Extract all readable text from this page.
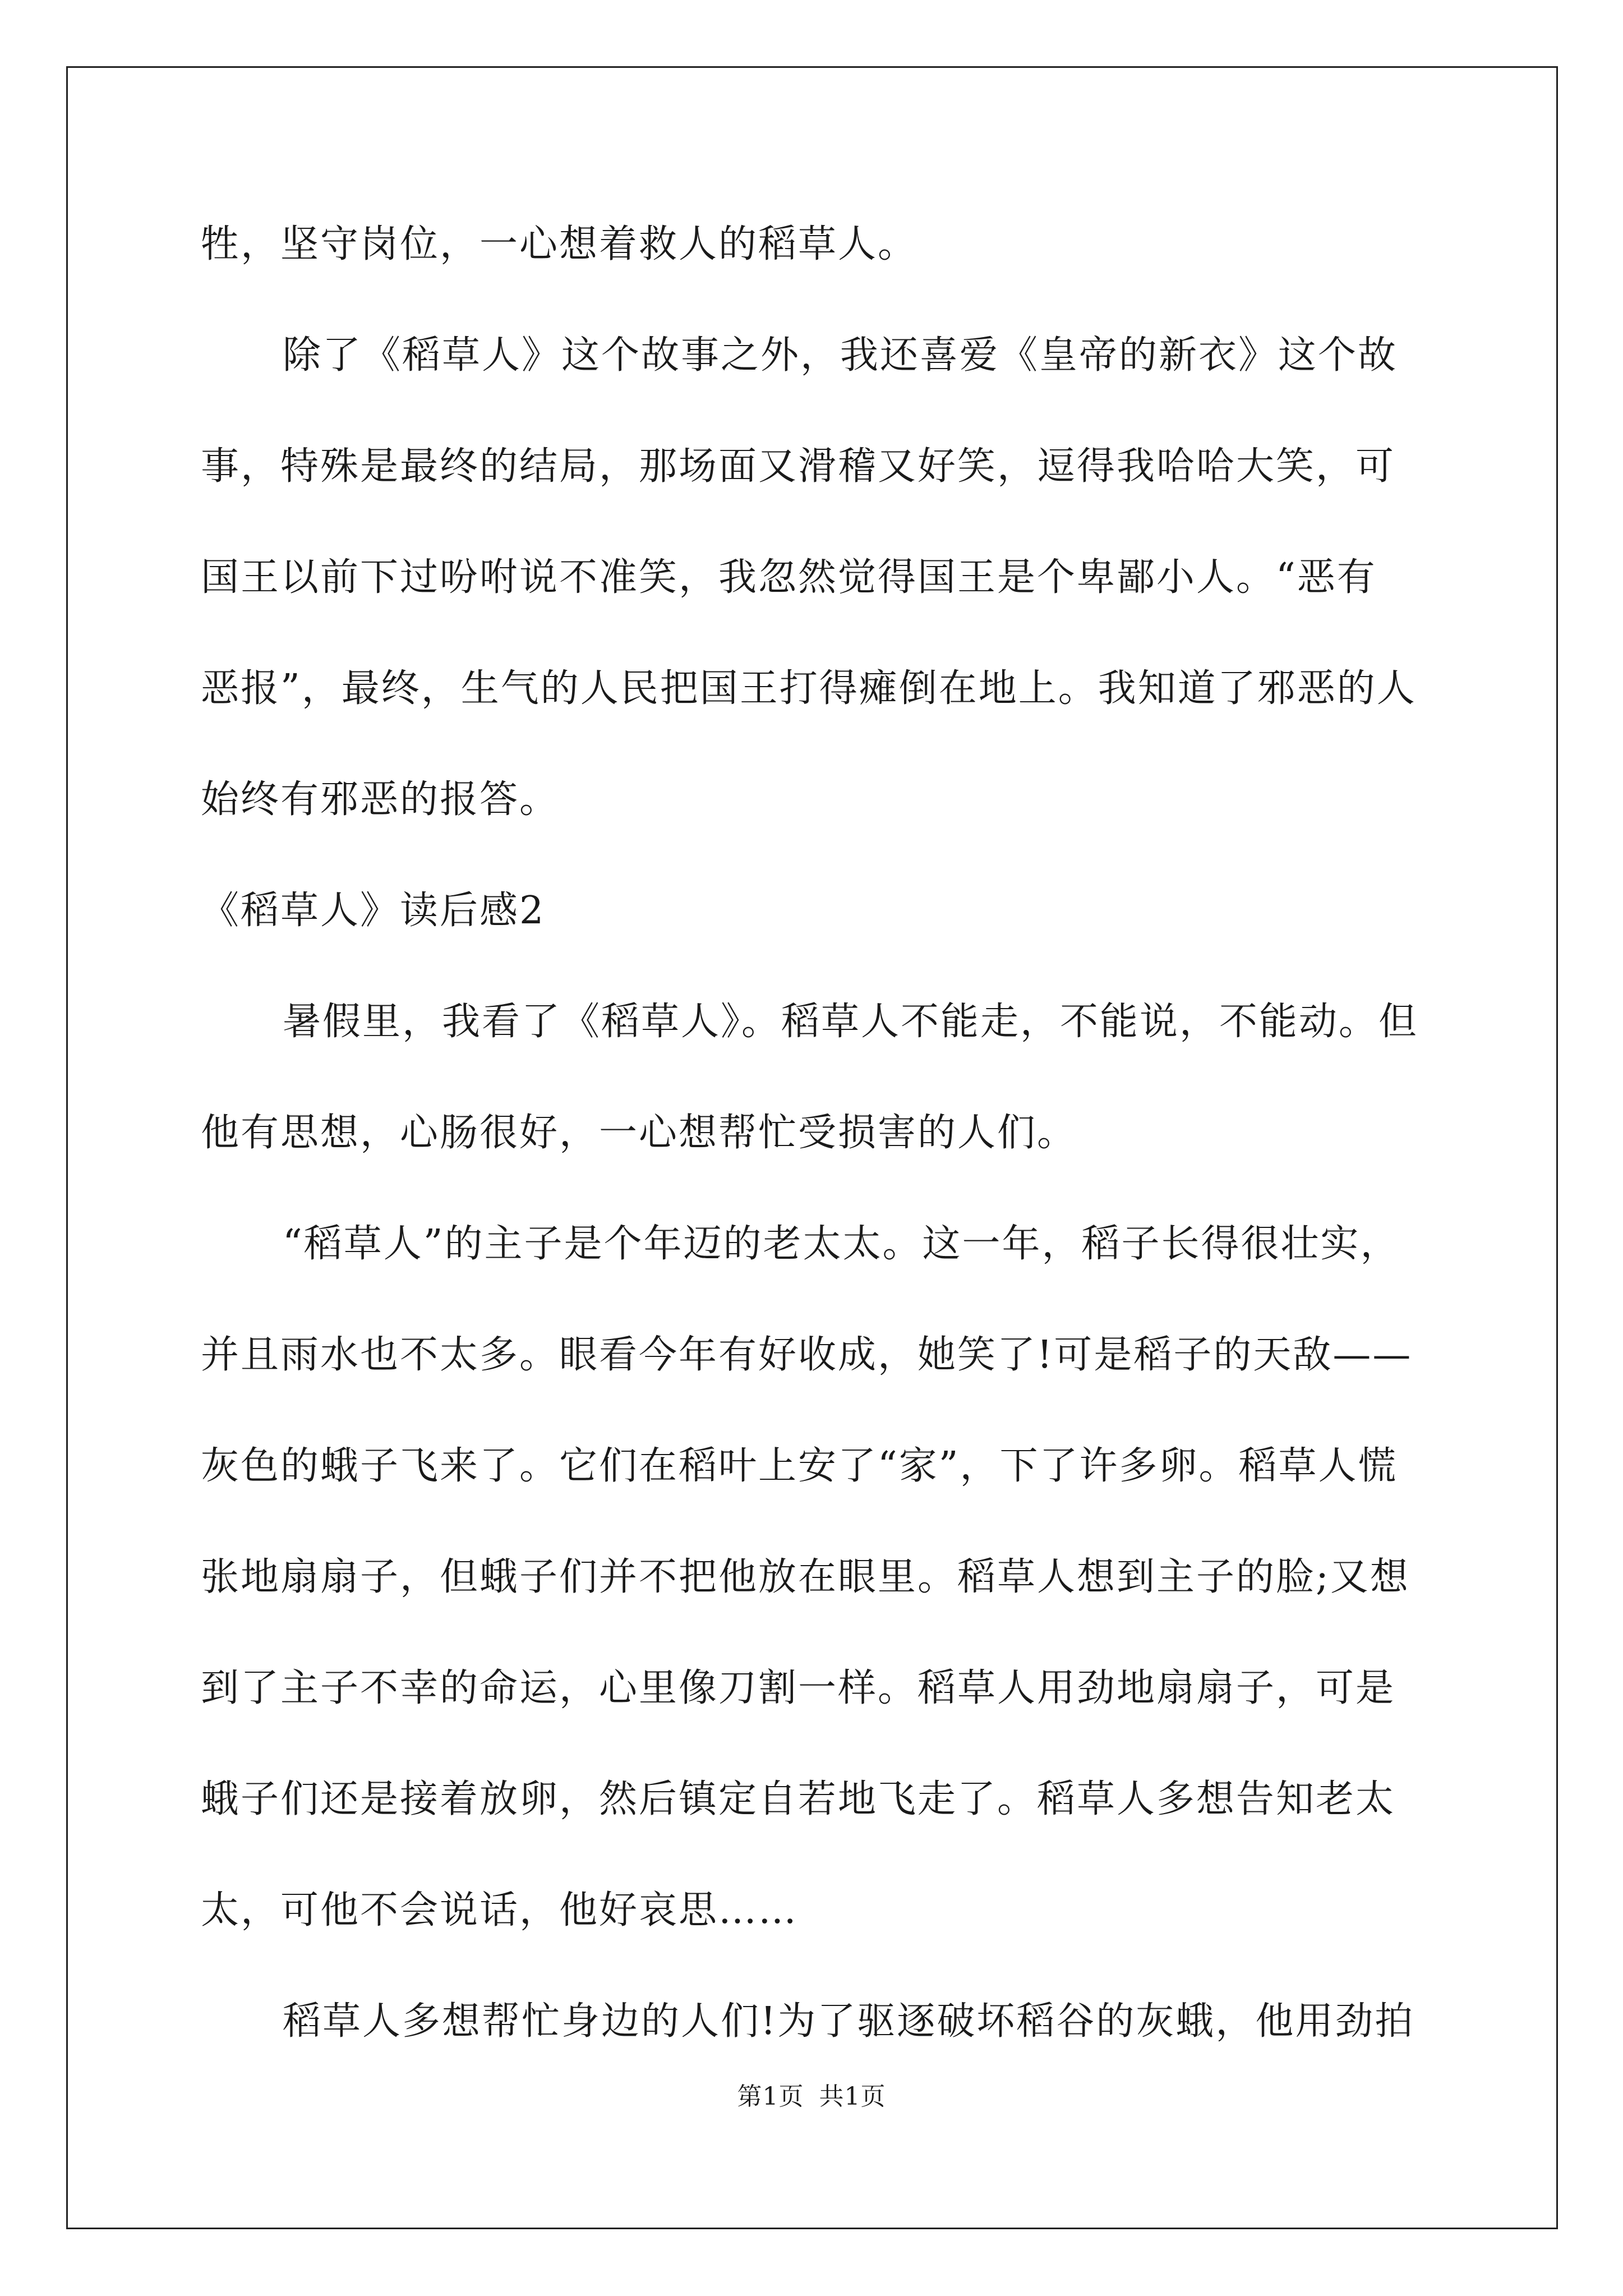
牲，坚守岗位，一心想着救人的稻草人。
除了《稻草人》这个故事之外，我还喜爱《皇帝的新衣》这个故
事，特殊是最终的结局，那场面又滑稽又好笑，逗得我哈哈大笑，可
国王以前下过吩咐说不准笑，我忽然觉得国王是个卑鄙小人。“恶有
恶报”，最终，生气的人民把国王打得瘫倒在地上。我知道了邪恶的人
始终有邪恶的报答。
《稻草人》读后感2
暑假里，我看了《稻草人》。稻草人不能走，不能说，不能动。但
他有思想，心肠很好，一心想帮忙受损害的人们。
“稻草人”的主子是个年迈的老太太。这一年，稻子长得很壮实，
并且雨水也不太多。眼看今年有好收成，她笑了!可是稻子的天敌——
灰色的蛾子飞来了。它们在稻叶上安了“家”，下了许多卵。稻草人慌
张地扇扇子，但蛾子们并不把他放在眼里。稻草人想到主子的脸;又想
到了主子不幸的命运，心里像刀割一样。稻草人用劲地扇扇子，可是
蛾子们还是接着放卵，然后镇定自若地飞走了。稻草人多想告知老太
太，可他不会说话，他好哀思……
稻草人多想帮忙身边的人们!为了驱逐破坏稻谷的灰蛾，他用劲拍
第1页 共1页
